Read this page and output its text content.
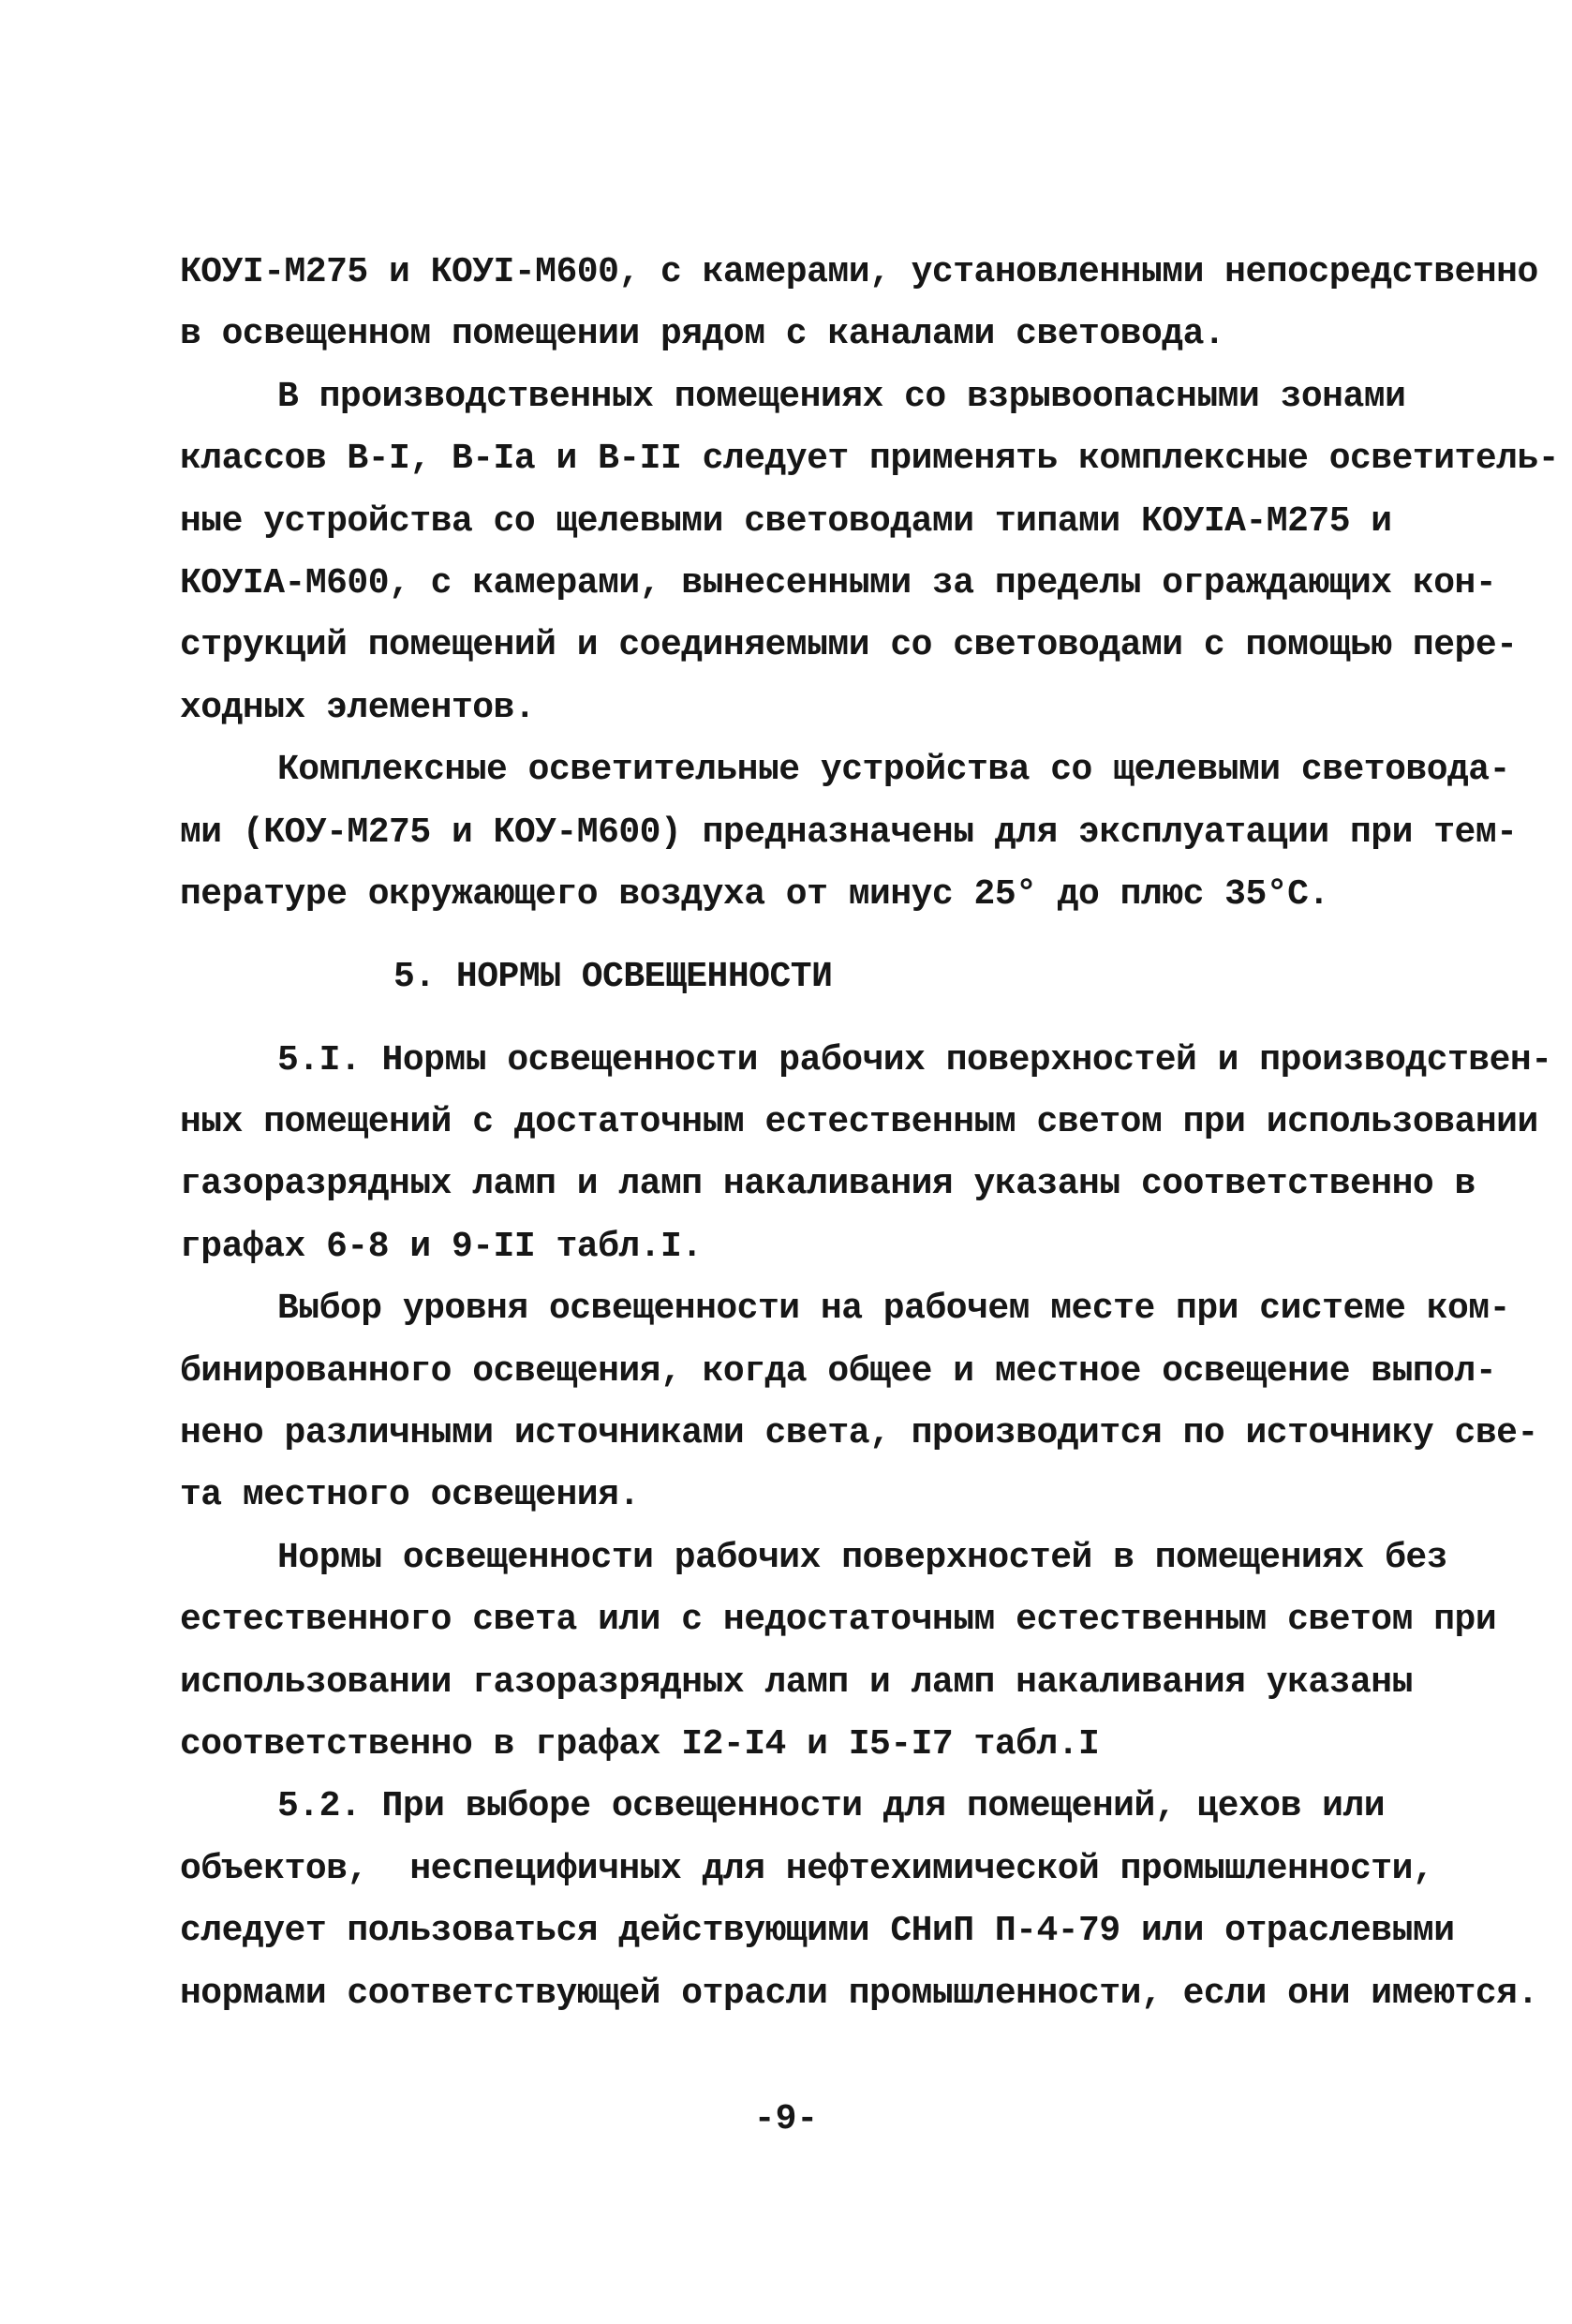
КОУI-М275 и КОУI-М600, с камерами, установленными непосредственно
в освещенном помещении рядом с каналами световода.
В производственных помещениях со взрывоопасными зонами
классов В-I, В-Iа и В-II следует применять комплексные осветитель-
ные устройства со щелевыми световодами типами КОУIА-М275 и
КОУIА-М600, с камерами, вынесенными за пределы ограждающих кон-
струкций помещений и соединяемыми со световодами с помощью пере-
ходных элементов.
Комплексные осветительные устройства со щелевыми световода-
ми (КОУ-М275 и КОУ-М600) предназначены для эксплуатации при тем-
пературе окружающего воздуха от минус 25° до плюс 35°С.
5. НОРМЫ ОСВЕЩЕННОСТИ
5.I. Нормы освещенности рабочих поверхностей и производствен-
ных помещений с достаточным естественным светом при использовании
газоразрядных ламп и ламп накаливания указаны соответственно в
графах 6-8 и 9-II табл.I.
Выбор уровня освещенности на рабочем месте при системе ком-
бинированного освещения, когда общее и местное освещение выпол-
нено различными источниками света, производится по источнику све-
та местного освещения.
Нормы освещенности рабочих поверхностей в помещениях без
естественного света или с недостаточным естественным светом при
использовании газоразрядных ламп и ламп накаливания указаны
соответственно в графах I2-I4 и I5-I7 табл.I
5.2. При выборе освещенности для помещений, цехов или
объектов,  неспецифичных для нефтехимической промышленности,
следует пользоваться действующими СНиП П-4-79 или отраслевыми
нормами соответствующей отрасли промышленности, если они имеются.
-9-
